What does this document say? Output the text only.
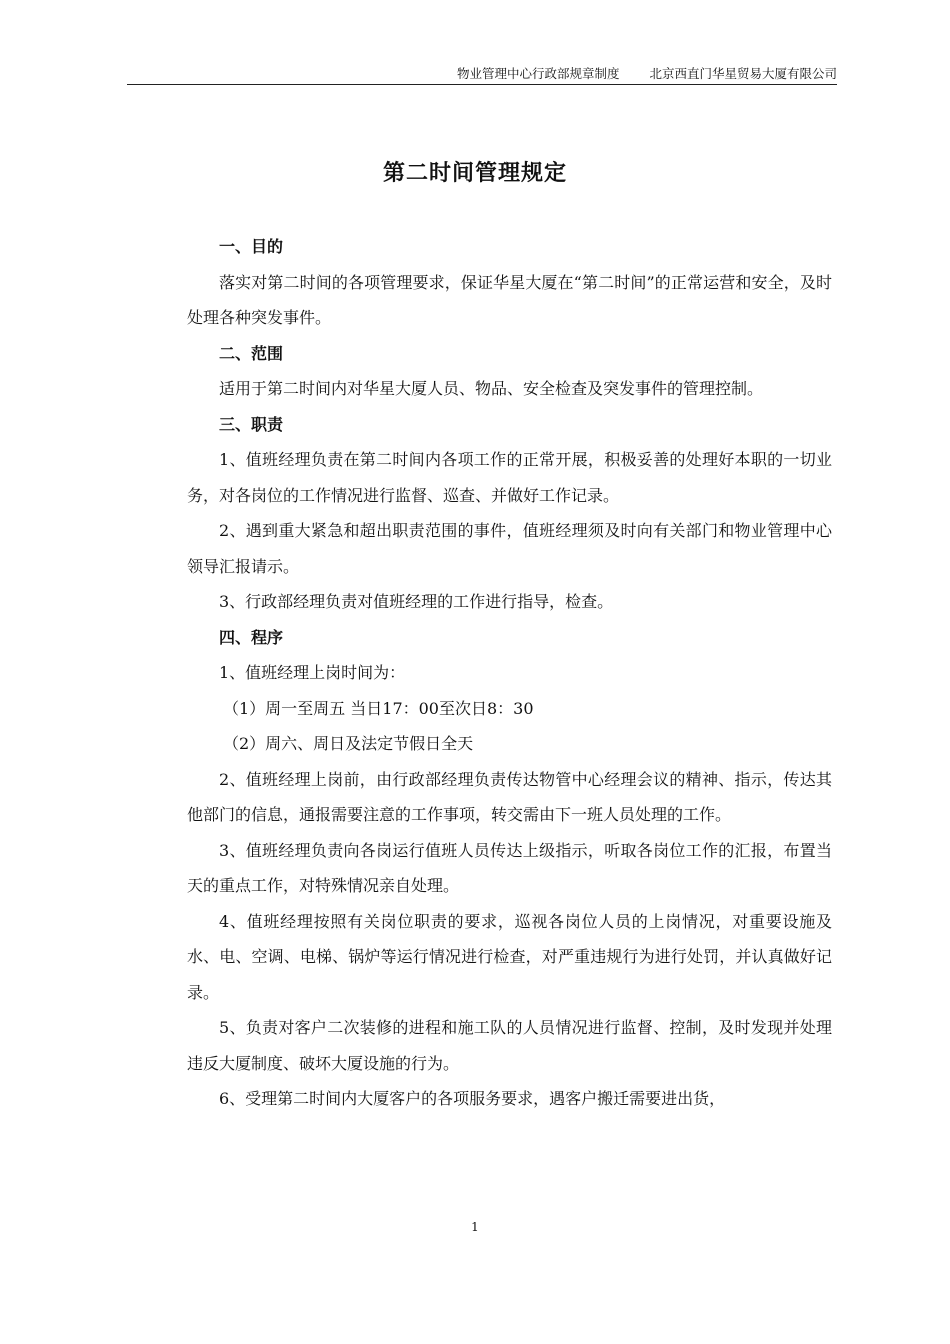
物业管理中心行政部规章制度 北京西直门华星贸易大厦有限公司
第二时间管理规定
一、目的

落实对第二时间的各项管理要求，保证华星大厦在“第二时间”的正常运营和安全，及时处理各种突发事件。

二、范围

适用于第二时间内对华星大厦人员、物品、安全检查及突发事件的管理控制。

三、职责

1、值班经理负责在第二时间内各项工作的正常开展，积极妥善的处理好本职的一切业务，对各岗位的工作情况进行监督、巡查、并做好工作记录。

2、遇到重大紧急和超出职责范围的事件，值班经理须及时向有关部门和物业管理中心领导汇报请示。

3、行政部经理负责对值班经理的工作进行指导，检查。

四、程序

1、值班经理上岗时间为：

（1）周一至周五 当日17：00至次日8：30

（2）周六、周日及法定节假日全天

2、值班经理上岗前，由行政部经理负责传达物管中心经理会议的精神、指示，传达其他部门的信息，通报需要注意的工作事项，转交需由下一班人员处理的工作。

3、值班经理负责向各岗运行值班人员传达上级指示，听取各岗位工作的汇报，布置当天的重点工作，对特殊情况亲自处理。

4、值班经理按照有关岗位职责的要求，巡视各岗位人员的上岗情况，对重要设施及水、电、空调、电梯、锅炉等运行情况进行检查，对严重违规行为进行处罚，并认真做好记录。

5、负责对客户二次装修的进程和施工队的人员情况进行监督、控制，及时发现并处理违反大厦制度、破坏大厦设施的行为。

6、受理第二时间内大厦客户的各项服务要求，遇客户搬迁需要进出货，

1
